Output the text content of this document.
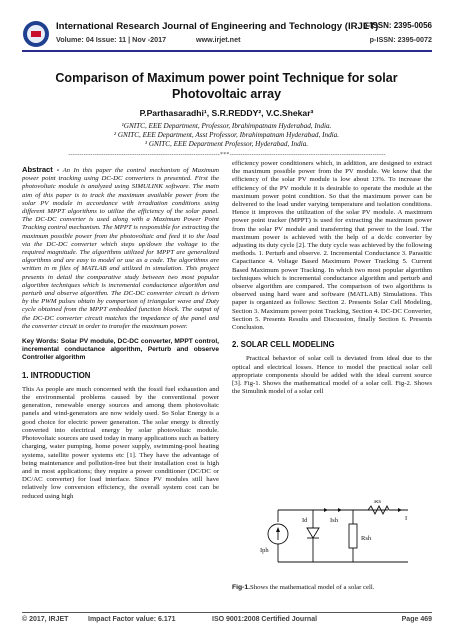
International Research Journal of Engineering and Technology (IRJET)
e-ISSN: 2395-0056
Volume: 04 Issue: 11 | Nov -2017	www.irjet.net	p-ISSN: 2395-0072
Comparison of Maximum power point Technique for solar Photovoltaic array
P.Parthasaradhi¹, S.R.REDDY², V.C.Shekar³
¹GNITC, EEE Department, Professor, Ibrahimpatnam Hyderabad, India.
² GNITC, EEE Department, Asst Professor, Ibrahimpatnam Hyderabad, India.
³ GNITC, EEE Department Professor, Hyderabad, India.
---------------------------------------------------------------------***-----------------------------------------------------------------------

Abstract - An In this paper the control mechanism of Maximum power point tracking using DC-DC converters is presented. First the photovoltaic module is analyzed using SIMULINK software. The main aim of this paper is to track the maximum available power from the solar PV module in accordance with irradiation conditions using different MPPT algorithms to utilize the efficiency of the solar panel. The DC-DC converter is used along with a Maximum Power Point Tracking control mechanism. The MPPT is responsible for extracting the maximum possible power from the photovoltaic and feed it to the load via the DC-DC converter which steps up/down the voltage to the required magnitude. The algorithms utilized for MPPT are generalized algorithms and are easy to model or use as a code. The algorithms are written in m files of MATLAB and utilized in simulation. This project presents in detail the comparative study between two most popular algorithm techniques which is incremental conductance algorithm and perturb and observe algorithm. The DC-DC converter circuit is driven by the PWM pulses obtain by comparison of triangular wave and Duty cycle obtained from the MPPT embedded function block. The output of the DC-DC converter circuit matches the impedance of the panel and the converter circuit in order to transfer the maximum power.

Key Words: Solar PV module, DC-DC converter, MPPT control, incremental conductance algorithm, Perturb and observe Controller algorithm
1. INTRODUCTION

This As people are much concerned with the fossil fuel exhaustion and the environmental problems caused by the conventional power generation, renewable energy sources and among them photovoltaic panels and wind-generators are now widely used. So Solar Energy is a good choice for electric power generation. The solar energy is directly converted into electrical energy by solar photovoltaic module. Photovoltaic sources are used today in many applications such as battery charging, water pumping, home power supply, swimming-pool heating systems, satellite power systems etc [1]. They have the advantage of being maintenance and pollution-free but their installation cost is high and in most applications; they require a power conditioner (DC/DC or DC/AC converter) for load interface. Since PV modules still have relatively low conversion efficiency, the overall system cost can be reduced using high

efficiency power conditioners which, in addition, are designed to extract the maximum possible power from the PV module. We know that the efficiency of the solar PV module is low about 13%. To increase the efficiency of the PV module it is desirable to operate the module at the maximum power point condition. So that the maximum power can be delivered to the load under varying temperature and isolation conditions. Hence it improves the utilization of the solar PV module. A maximum power point tracker (MPPT) is used for extracting the maximum power from the solar PV module and transferring that power to the load. The maximum power is achieved with the help of a dc/dc converter by adjusting its duty cycle [2]. The duty cycle was achieved by the following methods. 1. Perturb and observe. 2. Incremental Conductance 3. Parasitic Capacitance 4. Voltage Based Maximum Power Tracking 5. Current Based Maximum power Tracking. In which two most popular algorithm techniques which is incremental conductance algorithm and perturb and observe algorithm are compared. The comparison of two algorithms is observed using hard ware and software (MATLAB) Simulations. This paper is organized as follows: Section 2. Presents Solar Cell Modeling, Section 3. Maximum power point Tracking, Section 4. DC-DC Converter, Section 5. Presents Results and Discussion, finally Section 6. Presents Conclusion.

2. SOLAR CELL MODELING

Practical behavior of solar cell is deviated from ideal due to the optical and electrical losses. Hence to model the practical solar cell appropriate components should be added with the ideal current source [3]. Fig-1. Shows the mathematical model of a solar cell. Fig-2. Shows the Simulink model of a solar cell

Iph
Id	Ish
Rs
Rsh
I
Fig-1.Shows the mathematical model of a solar cell.
© 2017, IRJET	Impact Factor value: 6.171	ISO 9001:2008 Certified Journal	Page 469
